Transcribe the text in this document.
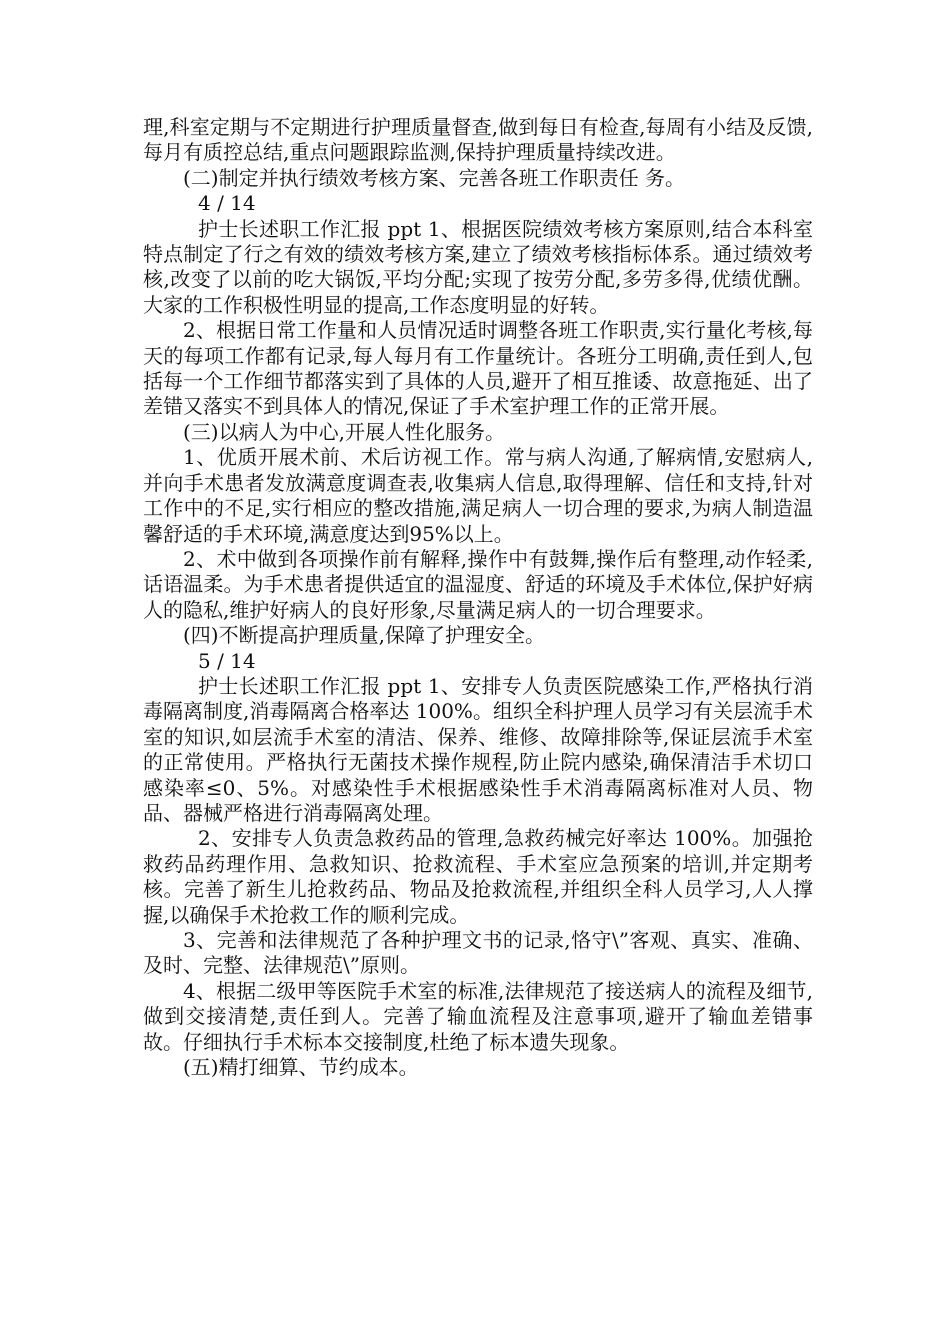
理,科室定期与不定期进行护理质量督查,做到每日有检查,每周有小结及反馈,每月有质控总结,重点问题跟踪监测,保持护理质量持续改进。

(二)制定并执行绩效考核方案、完善各班工作职责任 务。

4 / 14

护士长述职工作汇报 ppt 1、根据医院绩效考核方案原则,结合本科室特点制定了行之有效的绩效考核方案,建立了绩效考核指标体系。通过绩效考核,改变了以前的吃大锅饭,平均分配;实现了按劳分配,多劳多得,优绩优酬。大家的工作积极性明显的提高,工作态度明显的好转。

2、根据日常工作量和人员情况适时调整各班工作职责,实行量化考核,每天的每项工作都有记录,每人每月有工作量统计。各班分工明确,责任到人,包括每一个工作细节都落实到了具体的人员,避开了相互推诿、故意拖延、出了差错又落实不到具体人的情况,保证了手术室护理工作的正常开展。

(三)以病人为中心,开展人性化服务。

1、优质开展术前、术后访视工作。常与病人沟通,了解病情,安慰病人,并向手术患者发放满意度调查表,收集病人信息,取得理解、信任和支持,针对工作中的不足,实行相应的整改措施,满足病人一切合理的要求,为病人制造温馨舒适的手术环境,满意度达到95%以上。

2、术中做到各项操作前有解释,操作中有鼓舞,操作后有整理,动作轻柔,话语温柔。为手术患者提供适宜的温湿度、舒适的环境及手术体位,保护好病人的隐私,维护好病人的良好形象,尽量满足病人的一切合理要求。

(四)不断提高护理质量,保障了护理安全。

5 / 14

护士长述职工作汇报 ppt 1、安排专人负责医院感染工作,严格执行消毒隔离制度,消毒隔离合格率达 100%。组织全科护理人员学习有关层流手术室的知识,如层流手术室的清洁、保养、维修、故障排除等,保证层流手术室的正常使用。严格执行无菌技术操作规程,防止院内感染,确保清洁手术切口感染率≤0、5%。对感染性手术根据感染性手术消毒隔离标准对人员、物品、器械严格进行消毒隔离处理。

2、安排专人负责急救药品的管理,急救药械完好率达 100%。加强抢救药品药理作用、急救知识、抢救流程、手术室应急预案的培训,并定期考核。完善了新生儿抢救药品、物品及抢救流程,并组织全科人员学习,人人撑握,以确保手术抢救工作的顺利完成。

3、完善和法律规范了各种护理文书的记录,恪守\”客观、真实、准确、及时、完整、法律规范\”原则。

4、根据二级甲等医院手术室的标准,法律规范了接送病人的流程及细节,做到交接清楚,责任到人。完善了输血流程及注意事项,避开了输血差错事故。仔细执行手术标本交接制度,杜绝了标本遗失现象。

(五)精打细算、节约成本。
